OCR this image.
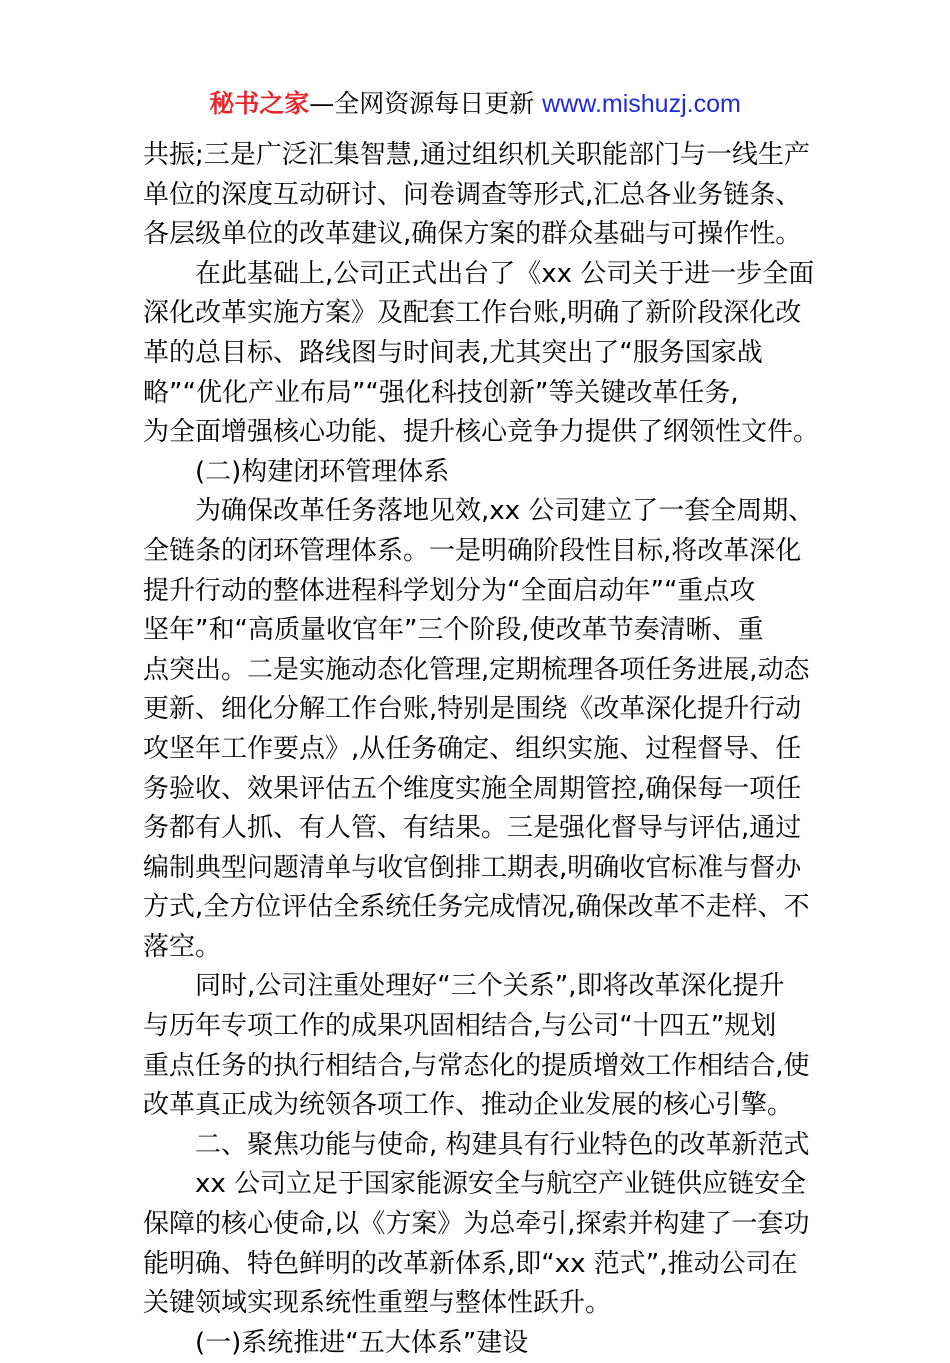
秘书之家—全网资源每日更新 www.mishuzj.com
共振;三是广泛汇集智慧,通过组织机关职能部门与一线生产
单位的深度互动研讨、问卷调查等形式,汇总各业务链条、
各层级单位的改革建议,确保方案的群众基础与可操作性。
在此基础上,公司正式出台了《xx 公司关于进一步全面
深化改革实施方案》及配套工作台账,明确了新阶段深化改
革的总目标、路线图与时间表,尤其突出了“服务国家战
略”“优化产业布局”“强化科技创新”等关键改革任务,
为全面增强核心功能、提升核心竞争力提供了纲领性文件。
(二)构建闭环管理体系
为确保改革任务落地见效,xx 公司建立了一套全周期、
全链条的闭环管理体系。一是明确阶段性目标,将改革深化
提升行动的整体进程科学划分为“全面启动年”“重点攻
坚年”和“高质量收官年”三个阶段,使改革节奏清晰、重
点突出。二是实施动态化管理,定期梳理各项任务进展,动态
更新、细化分解工作台账,特别是围绕《改革深化提升行动
攻坚年工作要点》,从任务确定、组织实施、过程督导、任
务验收、效果评估五个维度实施全周期管控,确保每一项任
务都有人抓、有人管、有结果。三是强化督导与评估,通过
编制典型问题清单与收官倒排工期表,明确收官标准与督办
方式,全方位评估全系统任务完成情况,确保改革不走样、不
落空。
同时,公司注重处理好“三个关系”,即将改革深化提升
与历年专项工作的成果巩固相结合,与公司“十四五”规划
重点任务的执行相结合,与常态化的提质增效工作相结合,使
改革真正成为统领各项工作、推动企业发展的核心引擎。
二、聚焦功能与使命, 构建具有行业特色的改革新范式
xx 公司立足于国家能源安全与航空产业链供应链安全
保障的核心使命,以《方案》为总牵引,探索并构建了一套功
能明确、特色鲜明的改革新体系,即“xx 范式”,推动公司在
关键领域实现系统性重塑与整体性跃升。
(一)系统推进“五大体系”建设
